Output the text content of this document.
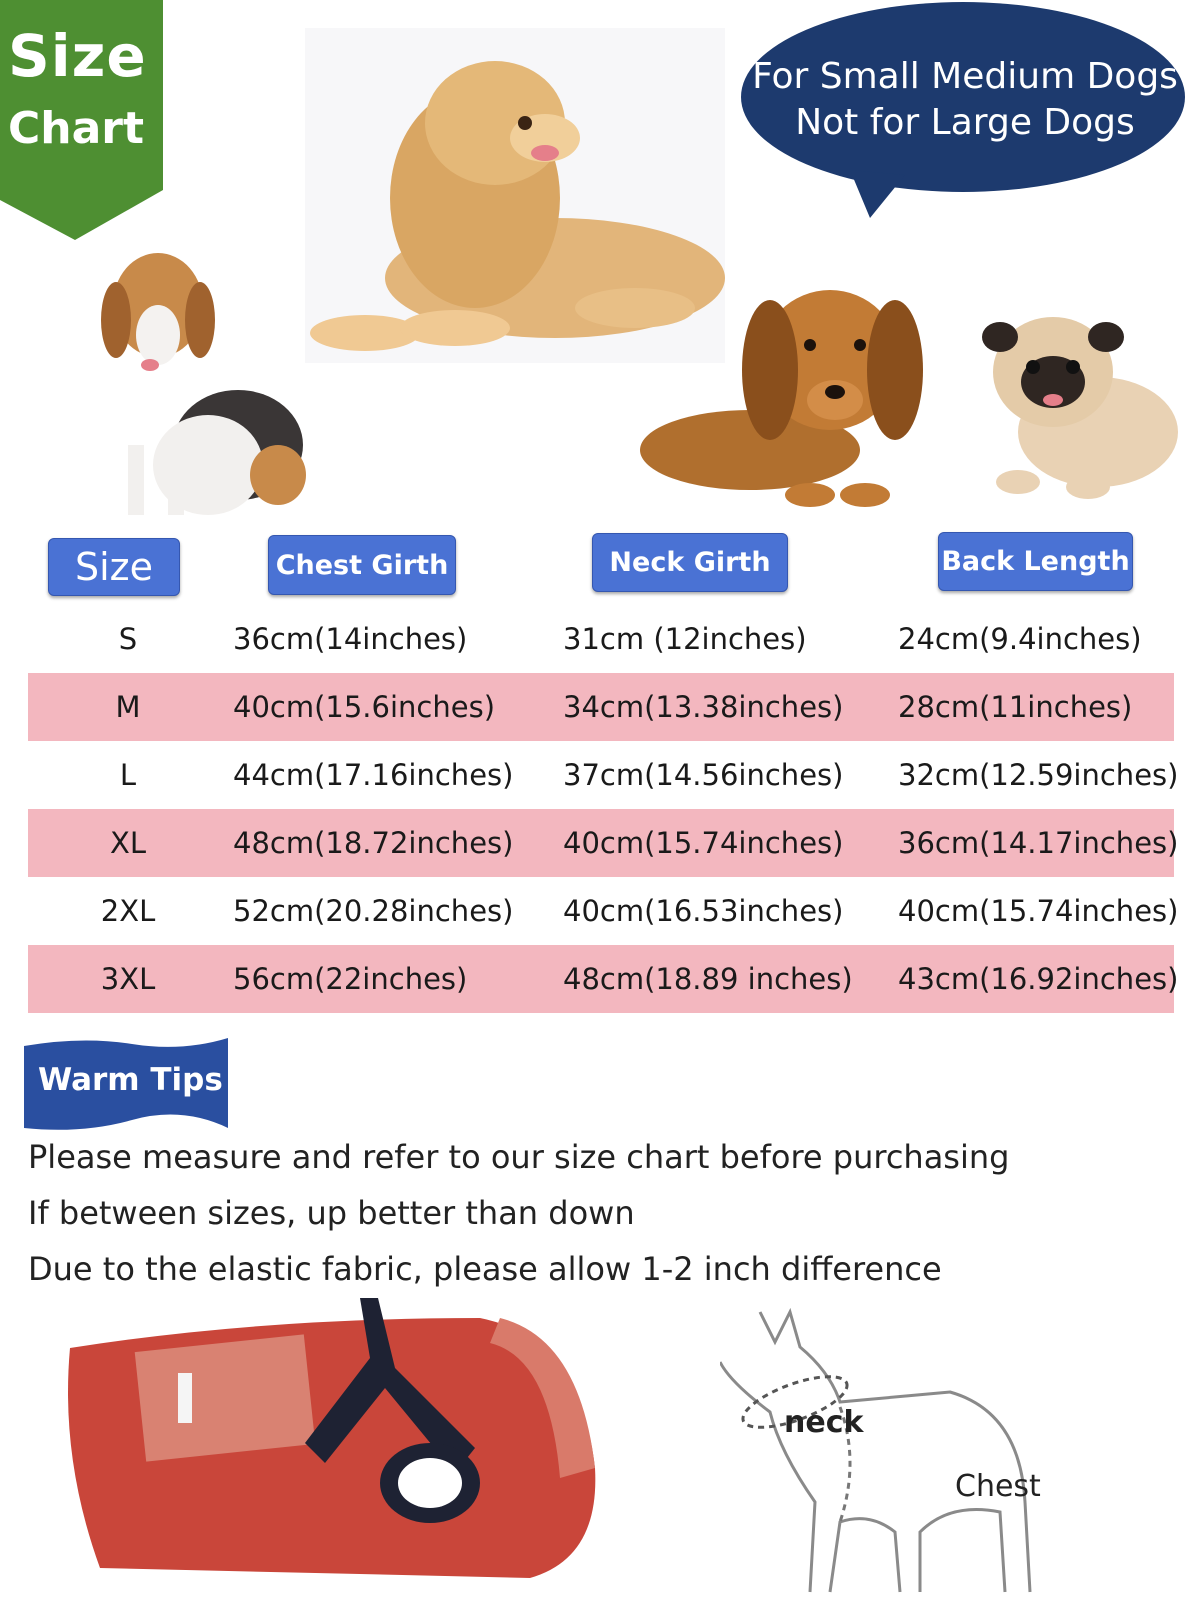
Size
Chart
For Small Medium Dogs
Not for Large Dogs
Size	Chest Girth	Neck Girth	Back Length
S	36cm(14inches)	31cm (12inches)	24cm(9.4inches)
M	40cm(15.6inches) 34cm(13.38inches) 28cm(11inches)
L	44cm(17.16inches) 37cm(14.56inches) 32cm(12.59inches)
XL	48cm(18.72inches) 40cm(15.74inches) 36cm(14.17inches)
2XL	52cm(20.28inches) 40cm(16.53inches) 40cm(15.74inches)
3XL	56cm(22inches)	48cm(18.89 inches) 43cm(16.92inches)
Warm Tips
Please measure and refer to our size chart before purchasing
If between sizes, up better than down
Due to the elastic fabric, please allow 1-2 inch difference
neck
Chest
